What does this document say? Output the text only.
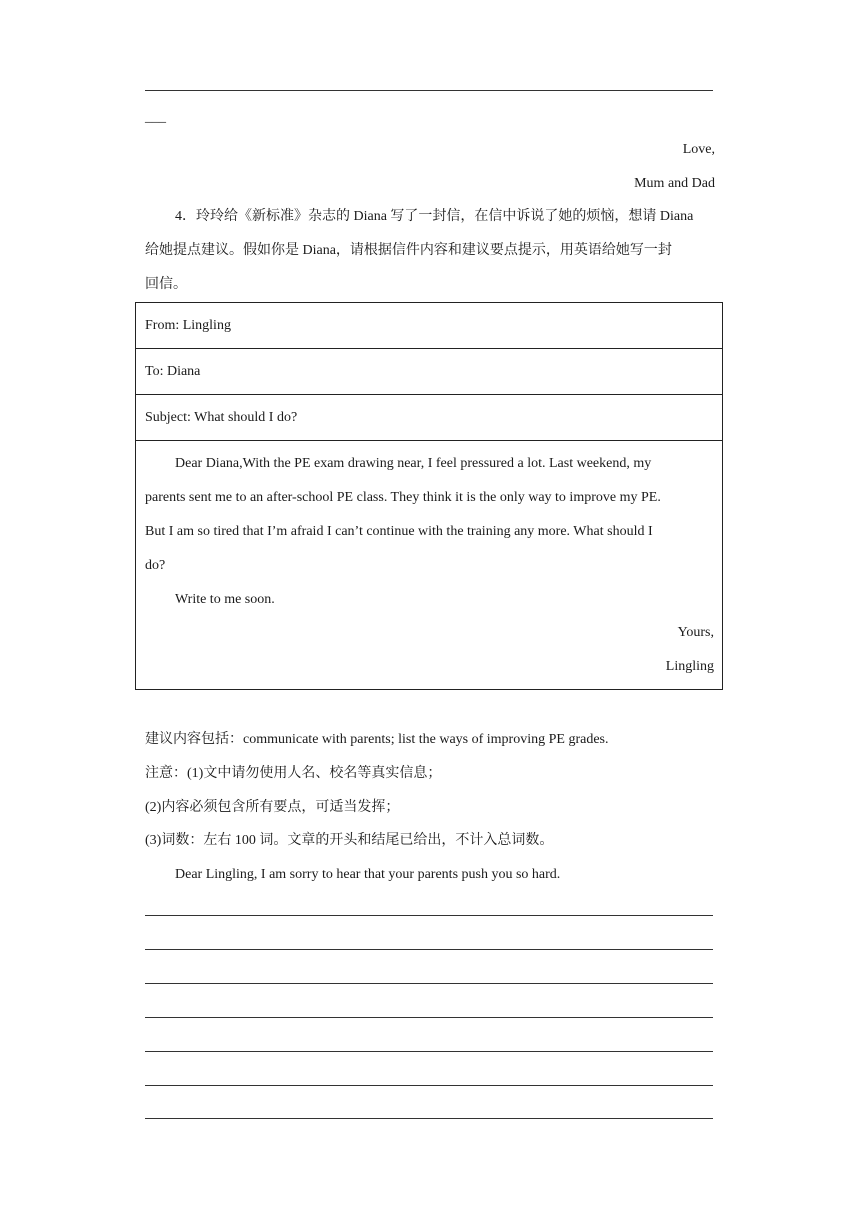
___
Love,
Mum and Dad
4．玲玲给《新标准》杂志的 Diana 写了一封信，在信中诉说了她的烦恼，想请 Diana
给她提点建议。假如你是 Diana，请根据信件内容和建议要点提示，用英语给她写一封
回信。
From: Lingling
To: Diana
Subject: What should I do?
Dear Diana,With the PE exam drawing near, I feel pressured a lot. Last weekend, my
parents sent me to an after-school PE class. They think it is the only way to improve my PE.
But I am so tired that I’m afraid I can’t continue with the training any more. What should I
do?
Write to me soon.
Yours,
Lingling
建议内容包括：communicate with parents; list the ways of improving PE grades.
注意：(1)文中请勿使用人名、校名等真实信息；
(2)内容必须包含所有要点，可适当发挥；
(3)词数：左右 100 词。文章的开头和结尾已给出，不计入总词数。
Dear Lingling, I am sorry to hear that your parents push you so hard.
